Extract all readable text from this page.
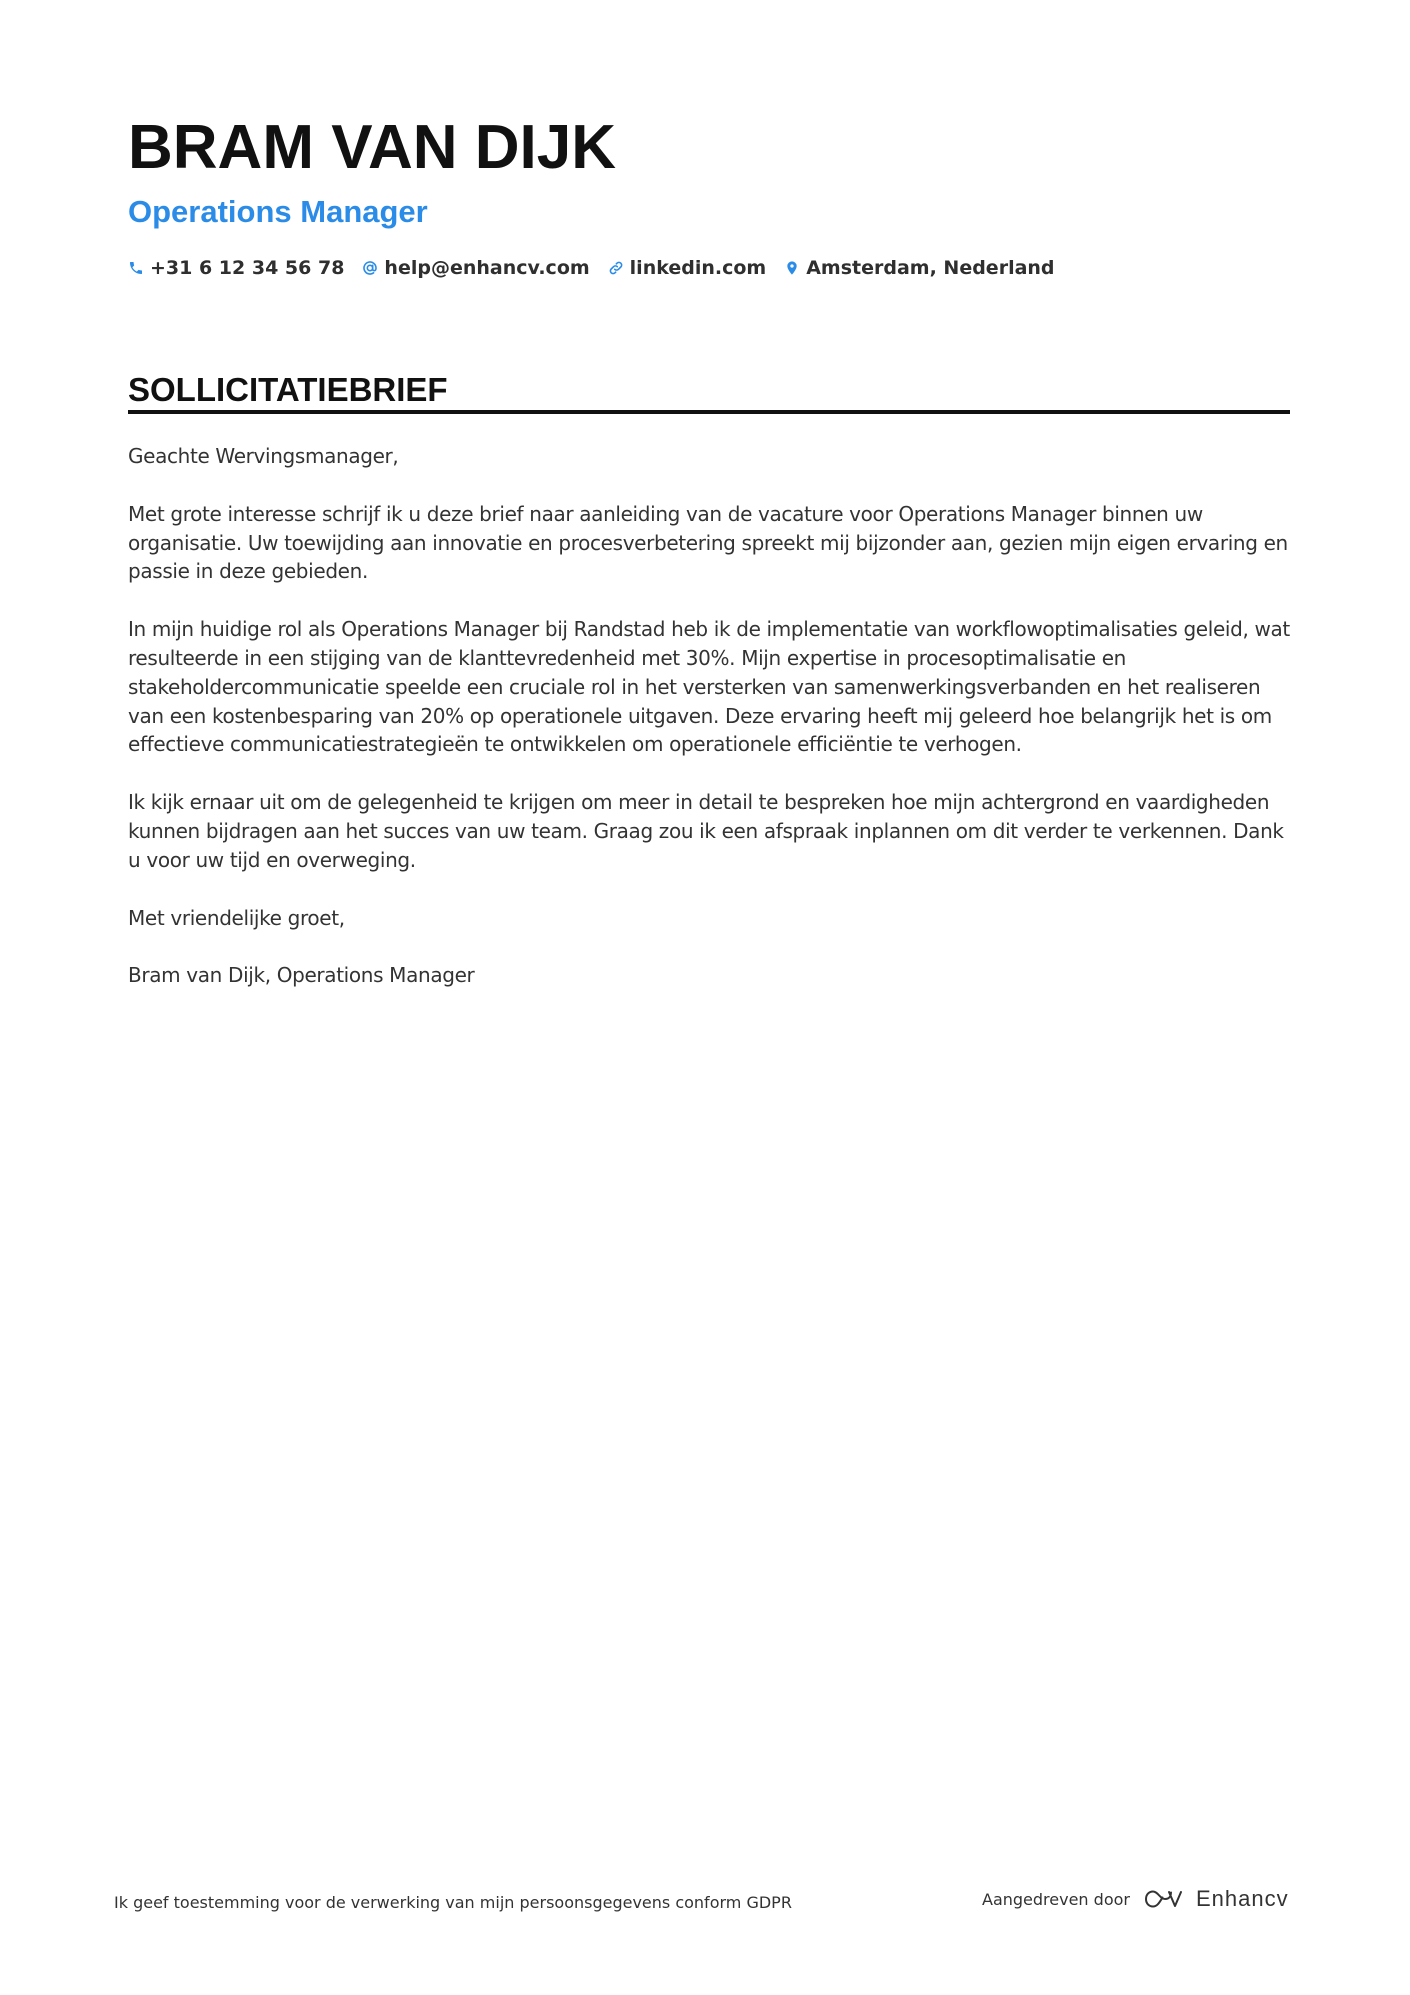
BRAM VAN DIJK
Operations Manager
+31 6 12 34 56 78 help@enhancv.com linkedin.com Amsterdam, Nederland
SOLLICITATIEBRIEF

Geachte Wervingsmanager,

Met grote interesse schrijf ik u deze brief naar aanleiding van de vacature voor Operations Manager binnen uw organisatie. Uw toewijding aan innovatie en procesverbetering spreekt mij bijzonder aan, gezien mijn eigen ervaring en passie in deze gebieden.

In mijn huidige rol als Operations Manager bij Randstad heb ik de implementatie van workflowoptimalisaties geleid, wat resulteerde in een stijging van de klanttevredenheid met 30%. Mijn expertise in procesoptimalisatie en stakeholdercommunicatie speelde een cruciale rol in het versterken van samenwerkingsverbanden en het realiseren van een kostenbesparing van 20% op operationele uitgaven. Deze ervaring heeft mij geleerd hoe belangrijk het is om effectieve communicatiestrategieën te ontwikkelen om operationele efficiëntie te verhogen.

Ik kijk ernaar uit om de gelegenheid te krijgen om meer in detail te bespreken hoe mijn achtergrond en vaardigheden kunnen bijdragen aan het succes van uw team. Graag zou ik een afspraak inplannen om dit verder te verkennen. Dank u voor uw tijd en overweging.

Met vriendelijke groet,

Bram van Dijk, Operations Manager

Ik geef toestemming voor de verwerking van mijn persoonsgegevens conform GDPR	Aangedreven door	Enhancv
